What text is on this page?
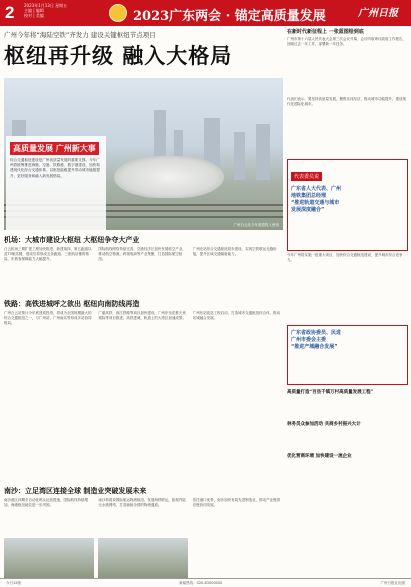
2 2023年1月13日 星期五
主编 | 编辑
校对 | 美编	2023广东两会 · 锚定高质量发展	广州日报
广州今年将“海陆空铁”齐发力 建设关键枢纽节点项目
枢纽再升级 融入大格局
广州白云站今年底将投入使用
高质量发展 广州新大事
综合交通枢纽建设是广州高质量发展的重要支撑。今年广州将统筹推进海港、空港、铁路港、数字港建设，加快构建现代化综合交通体系，以枢纽能级提升带动城市能级提升，更好服务和融入新发展格局。
机场：大城市建设大枢纽 大枢纽争夺大产业
白云机场三期扩建工程加快推进，新建第四、第五跑道以及T3航站楼，建成后将形成五条跑道、三座航站楼的格局，年旅客保障能力大幅提升。
国际航线网络持续完善，空港经济区加快发展临空产业，推动航空物流、跨境电商等产业集聚，打造国际航空枢纽。
广州北站综合交通枢纽同步建设，实现空铁联运无缝衔接，提升区域交通辐射能力。
铁路：高铁进城呼之欲出 枢纽向南防线再造
广州白云站预计今年底建成投用，将成为全国规模最大的综合交通枢纽之一，与广州站、广州南站等形成多站协同格局。
广湛高铁、深江铁路等项目加快建设，广州东至花都天贵城际等项目推进，高铁进城、轨道上的大湾区加速成型。
广州东站改造工程启动，打造城市交通枢纽综合体，推动站城融合发展。
南沙：立足湾区连接全球 制造业突破发展未来
南沙港区四期全自动化码头运营提速，国际航线持续增加，海港枢纽地位进一步巩固。
南沙将建设国际航运物流枢纽，发展海铁联运，拓展内陆无水港网络，打造辐射全国的物流通道。
依托港口优势，南沙加快布局先进制造业，推动产业链供应链协同发展。
在新时代新征程上 一张蓝图绘到底
广州市第十六届人民代表大会第三次会议开幕，会议听取审议政府工作报告，回顾过去一年工作，部署新一年任务。
代表们表示，要坚持高质量发展，聚焦实体经济，推动城市功能提升，建设现代化国际化城市。
代表委员说
广东省人大代表、广州
地铁集团总经理
“推进轨道交通与城市
发展深度融合”
今年广州将实施一批重大项目，加快综合交通枢纽建设，提升城市综合竞争力。
广东省政协委员、民进
广州市委会主委
“推进产城融合发展”
高质量打造“百县千镇万村高质量发展工程”
林务员众参加活动 共商乡村振兴大计
优化营商环境 加快建设一流企业
今日12版	新闻热线：020-83000000	广州日报社出版
